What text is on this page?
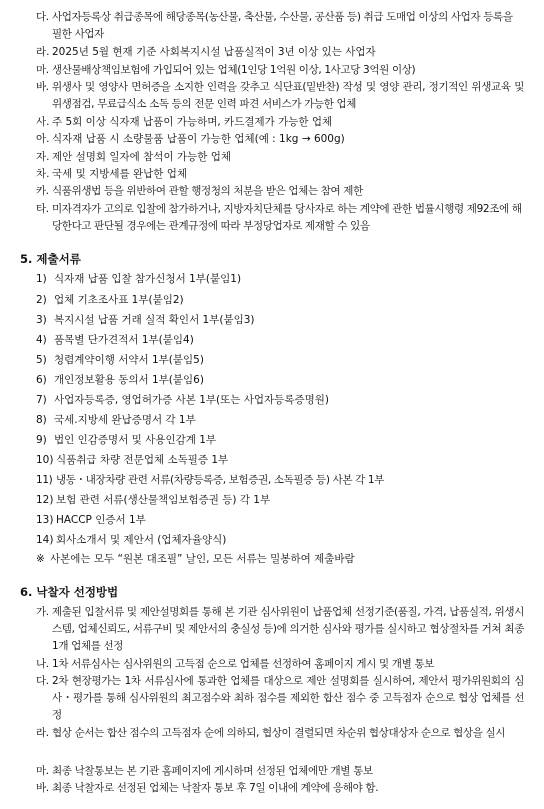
다. 사업자등록상 취급종목에 해당종목(농산물, 축산물, 수산물, 공산품 등) 취급 도매업 이상의 사업자 등록을 필한 사업자
라. 2025년 5월 현재 기준 사회복지시설 납품실적이 3년 이상 있는 사업자
마. 생산물배상책임보험에 가입되어 있는 업체(1인당 1억원 이상, 1사고당 3억원 이상)
바. 위생사 및 영양사 면허증을 소지한 인력을 갖추고 식단표(밑반찬) 작성 및 영양 관리, 정기적인 위생교육 및 위생점검, 무료급식소 소독 등의 전문 인력 파견 서비스가 가능한 업체
사. 주 5회 이상 식자재 납품이 가능하며, 카드결제가 가능한 업체
아. 식자재 납품 시 소량물품 납품이 가능한 업체(예 : 1kg → 600g)
자. 제안 설명회 일자에 참석이 가능한 업체
차. 국세 및 지방세를 완납한 업체
카. 식품위생법 등을 위반하여 관할 행정청의 처분을 받은 업체는 참여 제한
타. 미자격자가 고의로 입찰에 참가하거나, 지방자치단체를 당사자로 하는 계약에 관한 법률시행령 제92조에 해당한다고 판단될 경우에는 관계규정에 따라 부정당업자로 제재할 수 있음
5. 제출서류
1) 식자재 납품 입찰 참가신청서 1부(붙임1)
2) 업체 기초조사표 1부(붙임2)
3) 복지시설 납품 거래 실적 확인서 1부(붙임3)
4) 품목별 단가견적서 1부(붙임4)
5) 청렴계약이행 서약서 1부(붙임5)
6) 개인정보활용 동의서 1부(붙임6)
7) 사업자등록증, 영업허가증 사본 1부(또는 사업자등록증명원)
8) 국세.지방세 완납증명서 각 1부
9) 법인 인감증명서 및 사용인감계 1부
10) 식품취급 차량 전문업체 소독필증 1부
11) 냉동・내장차량 관련 서류(차량등록증, 보험증권, 소독필증 등) 사본 각 1부
12) 보험 관련 서류(생산물책임보험증권 등) 각 1부
13) HACCP 인증서 1부
14) 회사소개서 및 제안서 (업체자율양식)
※ 사본에는 모두 “원본 대조필” 날인, 모든 서류는 밀봉하여 제출바람
6. 낙찰자 선정방법
가. 제출된 입찰서류 및 제안설명회를 통해 본 기관 심사위원이 납품업체 선정기준(품질, 가격, 납품실적, 위생시스템, 업체신뢰도, 서류구비 및 제안서의 충실성 등)에 의거한 심사와 평가를 실시하고 협상절차를 거쳐 최종 1개 업체를 선정
나. 1차 서류심사는 심사위원의 고득점 순으로 업체를 선정하여 홈페이지 게시 및 개별 통보
다. 2차 현장평가는 1차 서류심사에 통과한 업체를 대상으로 제안 설명회를 실시하여, 제안서 평가위원회의 심사・평가를 통해 심사위원의 최고점수와 최하 점수를 제외한 합산 점수 중 고득점자 순으로 협상 업체를 선정
라. 협상 순서는 합산 점수의 고득점자 순에 의하되, 협상이 결렬되면 차순위 협상대상자 순으로 협상을 실시
마. 최종 낙찰통보는 본 기관 홈페이지에 게시하며 선정된 업체에만 개별 통보
바. 최종 낙찰자로 선정된 업체는 낙찰자 통보 후 7일 이내에 계약에 응해야 함.
